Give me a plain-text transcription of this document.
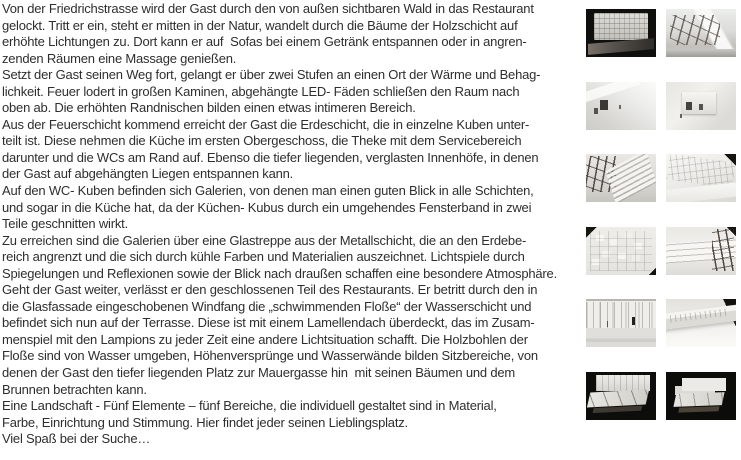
Von der Friedrichstrasse wird der Gast durch den von außen sichtbaren Wald in das Restaurant
gelockt. Tritt er ein, steht er mitten in der Natur, wandelt durch die Bäume der Holzschicht auf
erhöhte Lichtungen zu. Dort kann er auf  Sofas bei einem Getränk entspannen oder in angren-
zenden Räumen eine Massage genießen.
Setzt der Gast seinen Weg fort, gelangt er über zwei Stufen an einen Ort der Wärme und Behag-
lichkeit. Feuer lodert in großen Kaminen, abgehängte LED- Fäden schließen den Raum nach
oben ab. Die erhöhten Randnischen bilden einen etwas intimeren Bereich.
Aus der Feuerschicht kommend erreicht der Gast die Erdeschicht, die in einzelne Kuben unter-
teilt ist. Diese nehmen die Küche im ersten Obergeschoss, die Theke mit dem Servicebereich
darunter und die WCs am Rand auf. Ebenso die tiefer liegenden, verglasten Innenhöfe, in denen
der Gast auf abgehängten Liegen entspannen kann.
Auf den WC- Kuben befinden sich Galerien, von denen man einen guten Blick in alle Schichten,
und sogar in die Küche hat, da der Küchen- Kubus durch ein umgehendes Fensterband in zwei
Teile geschnitten wirkt.
Zu erreichen sind die Galerien über eine Glastreppe aus der Metallschicht, die an den Erdebe-
reich angrenzt und die sich durch kühle Farben und Materialien auszeichnet. Lichtspiele durch
Spiegelungen und Reflexionen sowie der Blick nach draußen schaffen eine besondere Atmosphäre.
Geht der Gast weiter, verlässt er den geschlossenen Teil des Restaurants. Er betritt durch den in
die Glasfassade eingeschobenen Windfang die „schwimmenden Floße“ der Wasserschicht und
befindet sich nun auf der Terrasse. Diese ist mit einem Lamellendach überdeckt, das im Zusam-
menspiel mit den Lampions zu jeder Zeit eine andere Lichtsituation schafft. Die Holzbohlen der
Floße sind von Wasser umgeben, Höhenversprünge und Wasserwände bilden Sitzbereiche, von
denen der Gast den tiefer liegenden Platz zur Mauergasse hin  mit seinen Bäumen und dem
Brunnen betrachten kann.
Eine Landschaft - Fünf Elemente – fünf Bereiche, die individuell gestaltet sind in Material,
Farbe, Einrichtung und Stimmung. Hier findet jeder seinen Lieblingsplatz.
Viel Spaß bei der Suche…
